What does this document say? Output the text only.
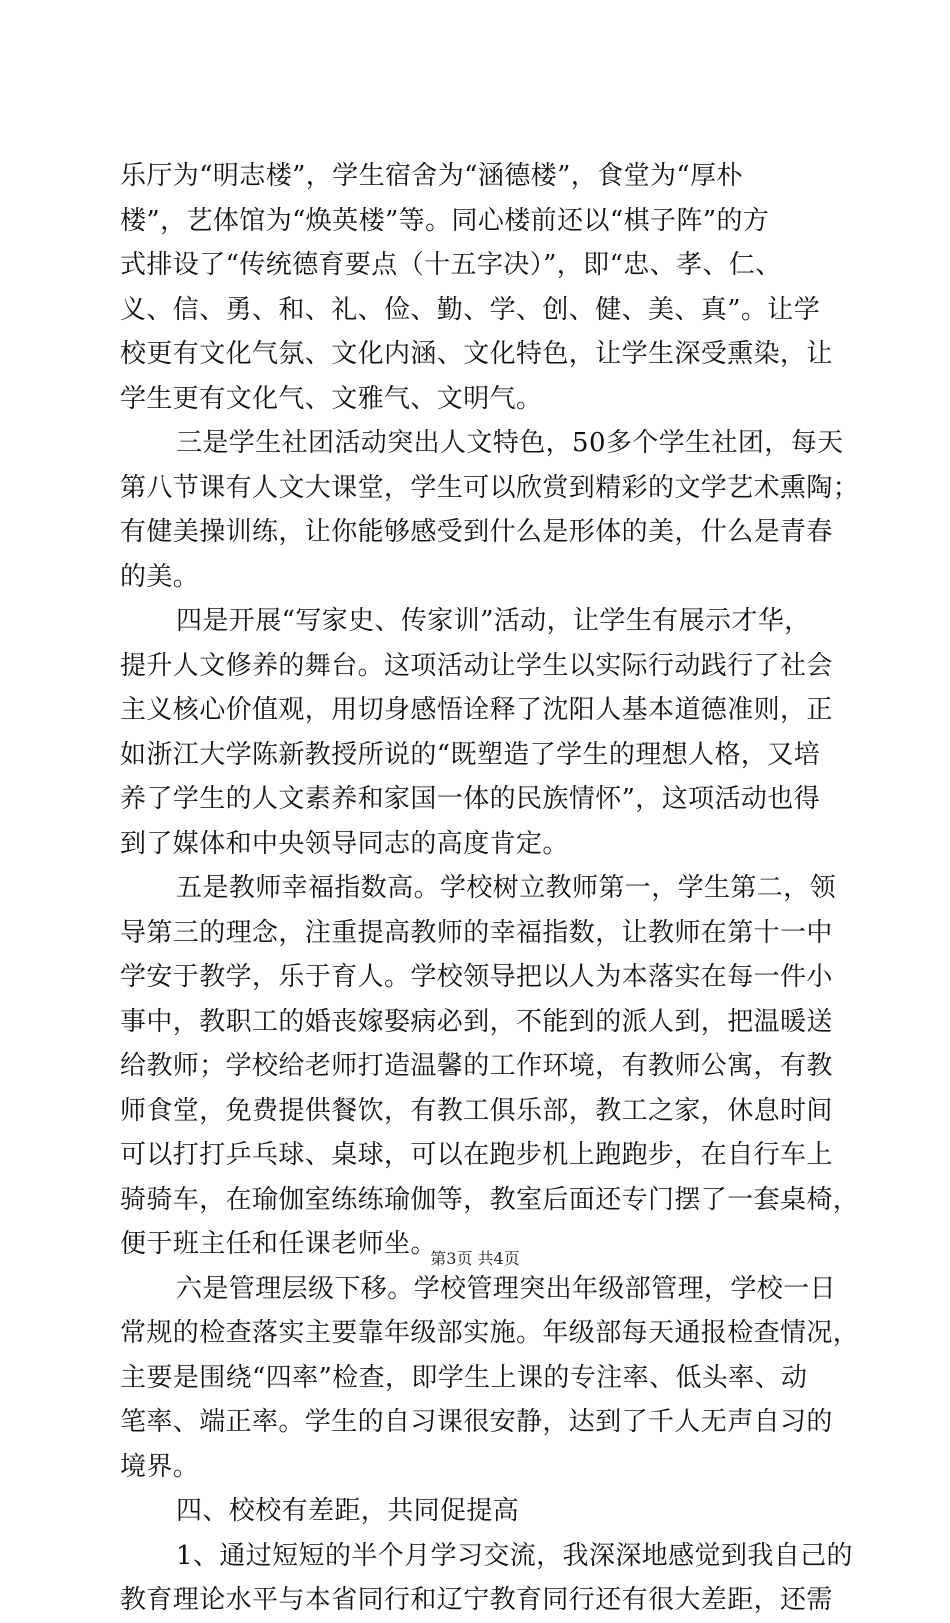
乐厅为“明志楼”，学生宿舍为“涵德楼”，食堂为“厚朴
楼”，艺体馆为“焕英楼”等。同心楼前还以“棋子阵”的方
式排设了“传统德育要点（十五字决）”，即“忠、孝、仁、
义、信、勇、和、礼、俭、勤、学、创、健、美、真”。让学
校更有文化气氛、文化内涵、文化特色，让学生深受熏染，让
学生更有文化气、文雅气、文明气。
三是学生社团活动突出人文特色，50多个学生社团，每天
第八节课有人文大课堂，学生可以欣赏到精彩的文学艺术熏陶；
有健美操训练，让你能够感受到什么是形体的美，什么是青春
的美。
四是开展“写家史、传家训”活动，让学生有展示才华，
提升人文修养的舞台。这项活动让学生以实际行动践行了社会
主义核心价值观，用切身感悟诠释了沈阳人基本道德准则，正
如浙江大学陈新教授所说的“既塑造了学生的理想人格，又培
养了学生的人文素养和家国一体的民族情怀”，这项活动也得
到了媒体和中央领导同志的高度肯定。
五是教师幸福指数高。学校树立教师第一，学生第二，领
导第三的理念，注重提高教师的幸福指数，让教师在第十一中
学安于教学，乐于育人。学校领导把以人为本落实在每一件小
事中，教职工的婚丧嫁娶病必到，不能到的派人到，把温暖送
给教师；学校给老师打造温馨的工作环境，有教师公寓，有教
师食堂，免费提供餐饮，有教工俱乐部，教工之家，休息时间
可以打打乒乓球、桌球，可以在跑步机上跑跑步，在自行车上
骑骑车，在瑜伽室练练瑜伽等，教室后面还专门摆了一套桌椅，
便于班主任和任课老师坐。
六是管理层级下移。学校管理突出年级部管理，学校一日
常规的检查落实主要靠年级部实施。年级部每天通报检查情况，
主要是围绕“四率”检查，即学生上课的专注率、低头率、动
笔率、端正率。学生的自习课很安静，达到了千人无声自习的
境界。
四、校校有差距，共同促提高
1、通过短短的半个月学习交流，我深深地感觉到我自己的
教育理论水平与本省同行和辽宁教育同行还有很大差距，还需
第3页 共4页
